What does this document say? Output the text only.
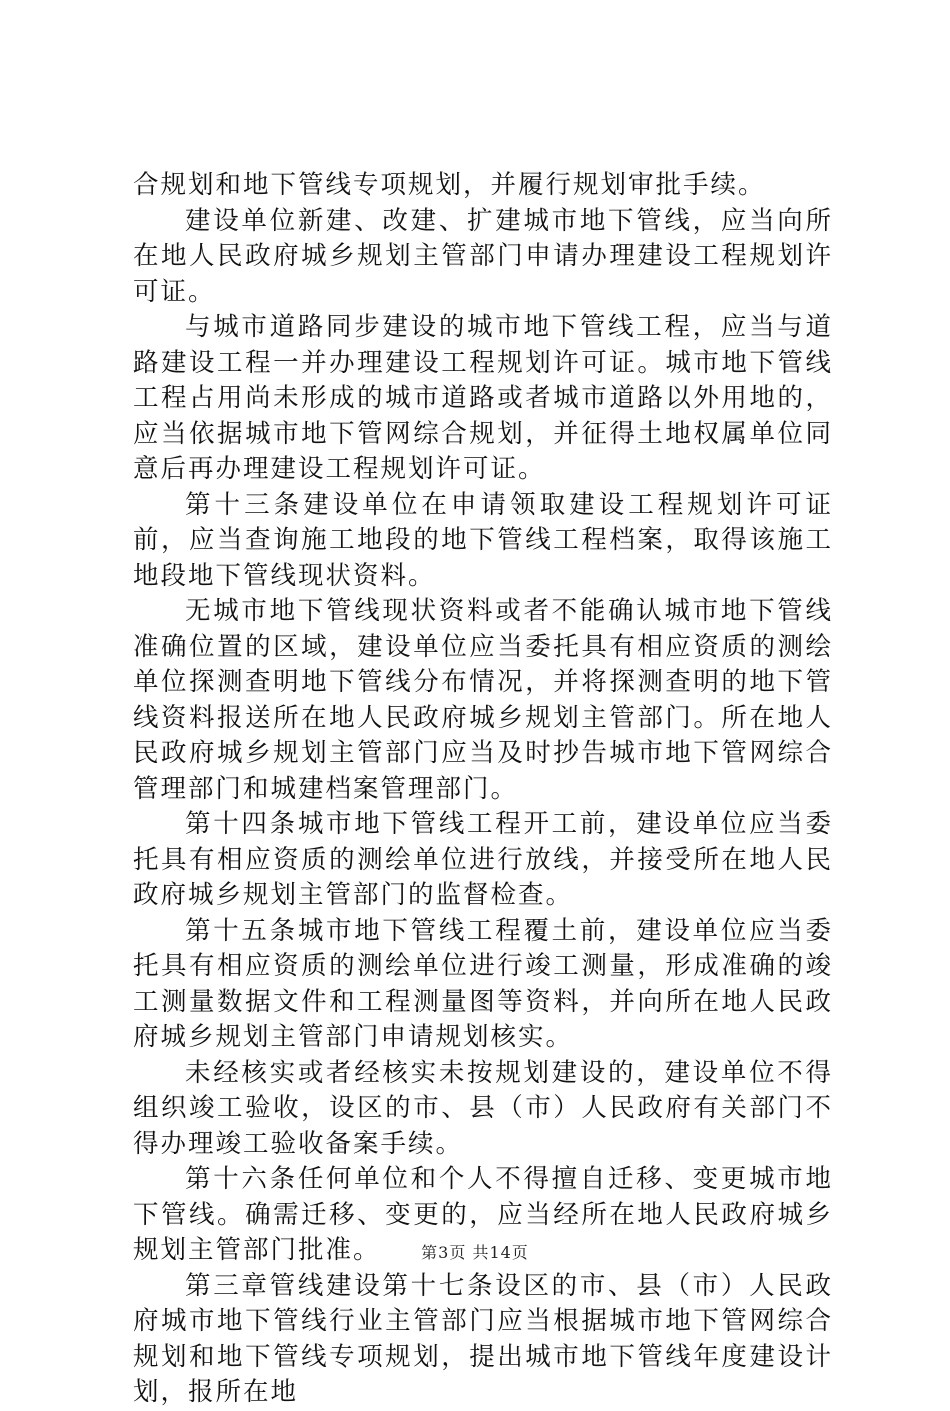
合规划和地下管线专项规划，并履行规划审批手续。

建设单位新建、改建、扩建城市地下管线，应当向所在地人民政府城乡规划主管部门申请办理建设工程规划许可证。

与城市道路同步建设的城市地下管线工程，应当与道路建设工程一并办理建设工程规划许可证。城市地下管线工程占用尚未形成的城市道路或者城市道路以外用地的，应当依据城市地下管网综合规划，并征得土地权属单位同意后再办理建设工程规划许可证。

第十三条建设单位在申请领取建设工程规划许可证前，应当查询施工地段的地下管线工程档案，取得该施工地段地下管线现状资料。

无城市地下管线现状资料或者不能确认城市地下管线准确位置的区域，建设单位应当委托具有相应资质的测绘单位探测查明地下管线分布情况，并将探测查明的地下管线资料报送所在地人民政府城乡规划主管部门。所在地人民政府城乡规划主管部门应当及时抄告城市地下管网综合管理部门和城建档案管理部门。

第十四条城市地下管线工程开工前，建设单位应当委托具有相应资质的测绘单位进行放线，并接受所在地人民政府城乡规划主管部门的监督检查。

第十五条城市地下管线工程覆土前，建设单位应当委托具有相应资质的测绘单位进行竣工测量，形成准确的竣工测量数据文件和工程测量图等资料，并向所在地人民政府城乡规划主管部门申请规划核实。

未经核实或者经核实未按规划建设的，建设单位不得组织竣工验收，设区的市、县（市）人民政府有关部门不得办理竣工验收备案手续。

第十六条任何单位和个人不得擅自迁移、变更城市地下管线。确需迁移、变更的，应当经所在地人民政府城乡规划主管部门批准。

第三章管线建设第十七条设区的市、县（市）人民政府城市地下管线行业主管部门应当根据城市地下管网综合规划和地下管线专项规划，提出城市地下管线年度建设计划，报所在地

第3页 共14页
